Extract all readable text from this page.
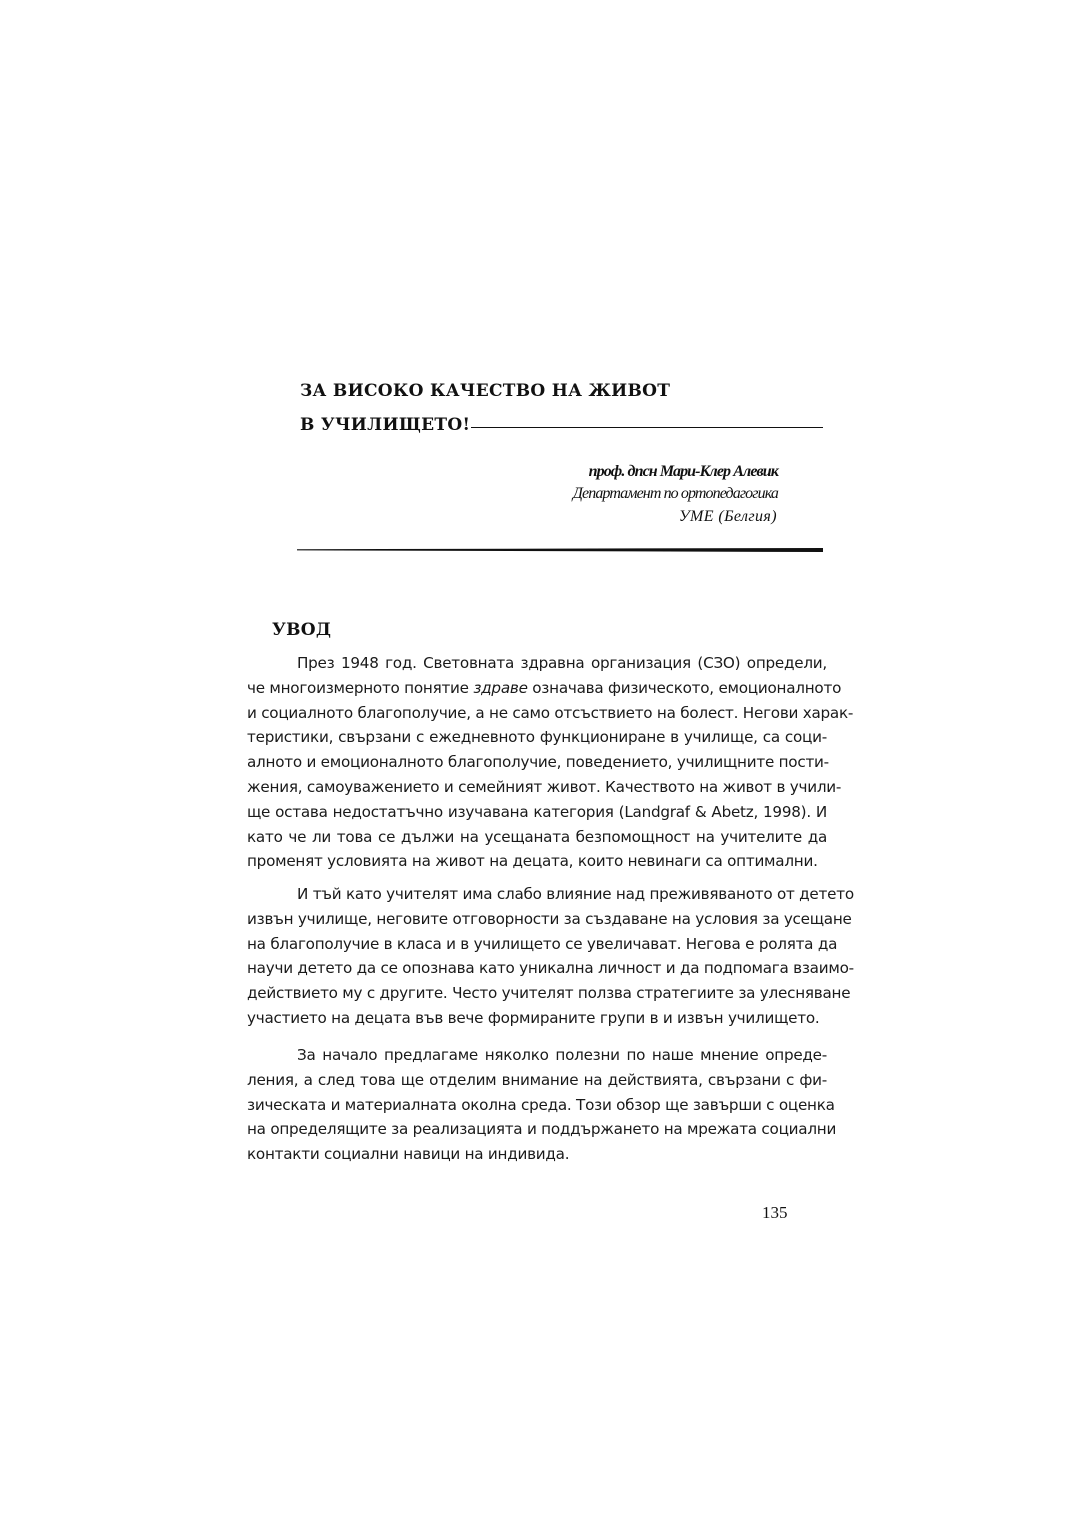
ЗА ВИСОКО КАЧЕСТВО НА ЖИВОТ
В УЧИЛИЩЕТО!
проф. дпсн Мари-Клер Алевик
Департамент по ортопедагогика
УМЕ (Белгия)
УВОД
През 1948 год. Световната здравна организация (СЗО) определи,
че многоизмерното понятие здраве означава физическото, емоционалното
и социалното благополучие, а не само отсъствието на болест. Негови харак-
теристики, свързани с ежедневното функциониране в училище, са соци-
алното и емоционалното благополучие, поведението, училищните пости-
жения, самоуважението и семейният живот. Качеството на живот в учили-
ще остава недостатъчно изучавана категория (Landgraf & Abetz, 1998). И
като че ли това се дължи на усещаната безпомощност на учителите да
променят условията на живот на децата, които невинаги са оптимални.
И тъй като учителят има слабо влияние над преживяваното от детето
извън училище, неговите отговорности за създаване на условия за усещане
на благополучие в класа и в училището се увеличават. Негова е ролята да
научи детето да се опознава като уникална личност и да подпомага взаимо-
действието му с другите. Често учителят ползва стратегиите за улесняване
участието на децата във вече формираните групи в и извън училището.
За начало предлагаме няколко полезни по наше мнение опреде-
ления, а след това ще отделим внимание на действията, свързани с фи-
зическата и материалната околна среда. Този обзор ще завърши с оценка
на определящите за реализацията и поддържането на мрежата социални
контакти социални навици на индивида.
135
